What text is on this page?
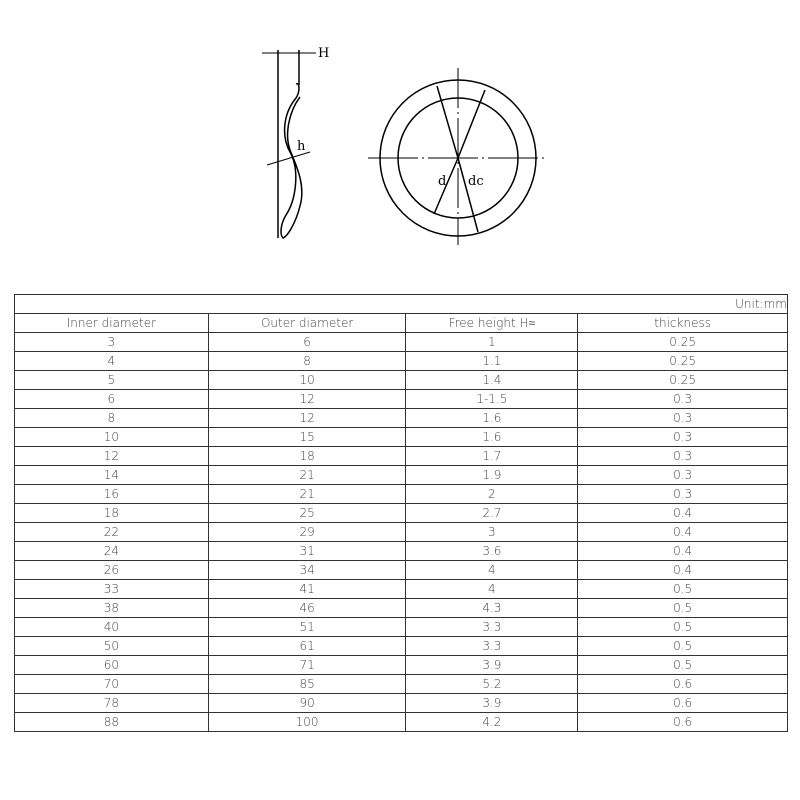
H
h
d dc
Unit:mm			
Inner diameter	Outer diameter	Free height H≈	thickness
3	6	1	0.25
4	8	1.1	0.25
5	10	1.4	0.25
6	12	1-1.5	0.3
8	12	1.6	0.3
10	15	1.6	0.3
12	18	1.7	0.3
14	21	1.9	0.3
16	21	2	0.3
18	25	2.7	0.4
22	29	3	0.4
24	31	3.6	0.4
26	34	4	0.4
33	41	4	0.5
38	46	4.3	0.5
40	51	3.3	0.5
50	61	3.3	0.5
60	71	3.9	0.5
70	85	5.2	0.6
78	90	3.9	0.6
88	100	4.2	0.6
